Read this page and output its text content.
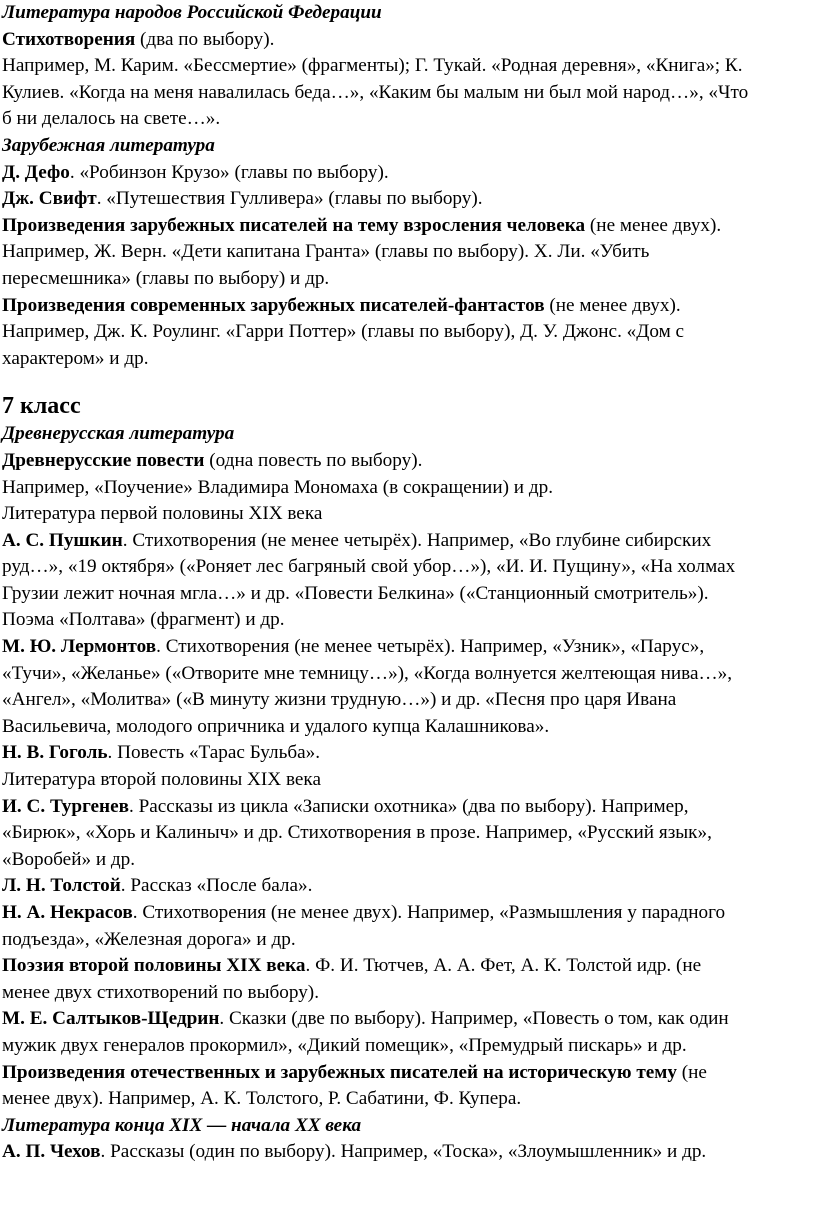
Литература народов Российской Федерации
Стихотворения (два по выбору).
Например, М. Карим. «Бессмертие» (фрагменты); Г. Тукай. «Родная деревня», «Книга»; К.
Кулиев. «Когда на меня навалилась беда…», «Каким бы малым ни был мой народ…», «Что
б ни делалось на свете…».
Зарубежная литература
Д. Дефо. «Робинзон Крузо» (главы по выбору).
Дж. Свифт. «Путешествия Гулливера» (главы по выбору).
Произведения зарубежных писателей на тему взросления человека (не менее двух).
Например, Ж. Верн. «Дети капитана Гранта» (главы по выбору). Х. Ли. «Убить
пересмешника» (главы по выбору) и др.
Произведения современных зарубежных писателей-фантастов (не менее двух).
Например, Дж. К. Роулинг. «Гарри Поттер» (главы по выбору), Д. У. Джонс. «Дом с
характером» и др.
7 класс
Древнерусская литература
Древнерусские повести (одна повесть по выбору).
Например, «Поучение» Владимира Мономаха (в сокращении) и др.
Литература первой половины XIX века
А. С. Пушкин. Стихотворения (не менее четырёх). Например, «Во глубине сибирских
руд…», «19 октября» («Роняет лес багряный свой убор…»), «И. И. Пущину», «На холмах
Грузии лежит ночная мгла…» и др. «Повести Белкина» («Станционный смотритель»).
Поэма «Полтава» (фрагмент) и др.
М. Ю. Лермонтов. Стихотворения (не менее четырёх). Например, «Узник», «Парус»,
«Тучи», «Желанье» («Отворите мне темницу…»), «Когда волнуется желтеющая нива…»,
«Ангел», «Молитва» («В минуту жизни трудную…») и др. «Песня про царя Ивана
Васильевича, молодого опричника и удалого купца Калашникова».
Н. В. Гоголь. Повесть «Тарас Бульба».
Литература второй половины XIX века
И. С. Тургенев. Рассказы из цикла «Записки охотника» (два по выбору). Например,
«Бирюк», «Хорь и Калиныч» и др. Стихотворения в прозе. Например, «Русский язык»,
«Воробей» и др.
Л. Н. Толстой. Рассказ «После бала».
Н. А. Некрасов. Стихотворения (не менее двух). Например, «Размышления у парадного
подъезда», «Железная дорога» и др.
Поэзия второй половины XIX века. Ф. И. Тютчев, А. А. Фет, А. К. Толстой идр. (не
менее двух стихотворений по выбору).
М. Е. Салтыков-Щедрин. Сказки (две по выбору). Например, «Повесть о том, как один
мужик двух генералов прокормил», «Дикий помещик», «Премудрый пискарь» и др.
Произведения отечественных и зарубежных писателей на историческую тему (не
менее двух). Например, А. К. Толстого, Р. Сабатини, Ф. Купера.
Литература конца XIX — начала XX века
А. П. Чехов. Рассказы (один по выбору). Например, «Тоска», «Злоумышленник» и др.
